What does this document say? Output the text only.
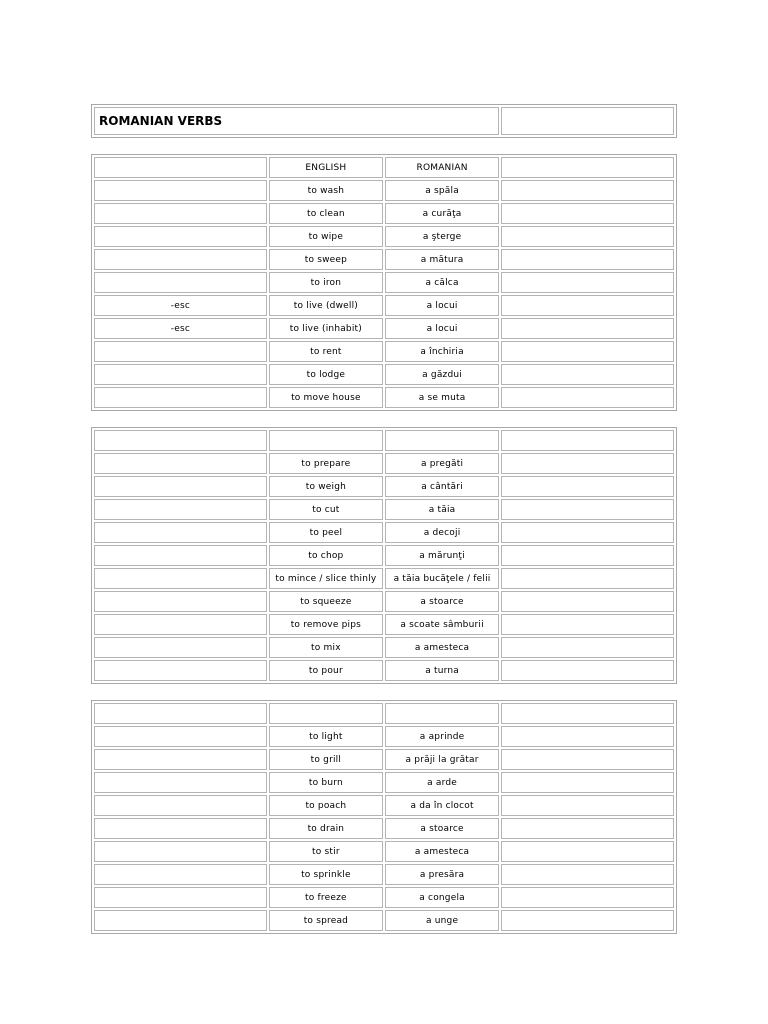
ROMANIAN VERBS	
	ENGLISH	ROMANIAN	
	to wash	a spăla	
	to clean	a curăţa	
	to wipe	a şterge	
	to sweep	a mătura	
	to iron	a călca	
-esc	to live (dwell)	a locui	
-esc	to live (inhabit)	a locui	
	to rent	a închiria	
	to lodge	a găzdui	
	to move house	a se muta	

	to prepare	a pregăti	
	to weigh	a cântări	
	to cut	a tăia	
	to peel	a decoji	
	to chop	a mărunţi	
	to mince / slice thinly	a tăia bucăţele / felii	
	to squeeze	a stoarce	
	to remove pips	a scoate sâmburii	
	to mix	a amesteca	
	to pour	a turna	

	to light	a aprinde	
	to grill	a prăji la grătar	
	to burn	a arde	
	to poach	a da în clocot	
	to drain	a stoarce	
	to stir	a amesteca	
	to sprinkle	a presăra	
	to freeze	a congela	
	to spread	a unge	
